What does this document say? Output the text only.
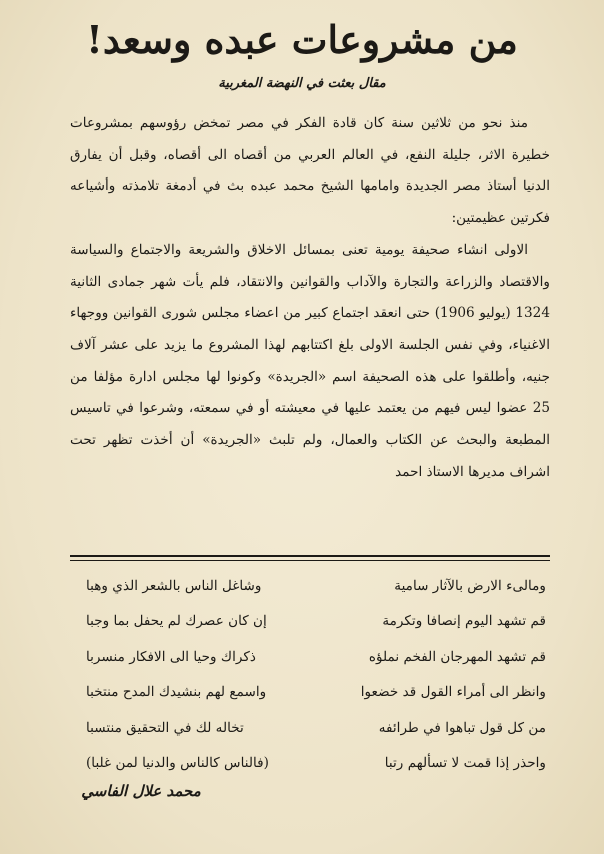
من مشروعات عبده وسعد!
مقال بعثت في النهضة المغربية

منذ نحو من ثلاثين سنة كان قادة الفكر في مصر تمخض رؤوسهم بمشروعات خطيرة الاثر، جليلة النفع، في العالم العربي من أقصاه الى أقصاه، وقبل أن يفارق الدنيا أستاذ مصر الجديدة وامامها الشيخ محمد عبده بث في أدمغة تلامذته وأشياعه فكرتين عظيمتين:

الاولى انشاء صحيفة يومية تعنى بمسائل الاخلاق والشريعة والاجتماع والسياسة والاقتصاد والزراعة والتجارة والآداب والقوانين والانتقاد، فلم يأت شهر جمادى الثانية 1324 (يوليو 1906) حتى انعقد اجتماع كبير من اعضاء مجلس شورى القوانين ووجهاء الاغنياء، وفي نفس الجلسة الاولى بلغ اكتتابهم لهذا المشروع ما يزيد على عشر آلاف جنيه، وأطلقوا على هذه الصحيفة اسم «الجريدة» وكونوا لها مجلس ادارة مؤلفا من 25 عضوا ليس فيهم من يعتمد عليها في معيشته أو في سمعته، وشرعوا في تاسيس المطبعة والبحث عن الكتاب والعمال، ولم تلبث «الجريدة» أن أخذت تظهر تحت اشراف مديرها الاستاذ احمد

ومالىء الارض بالآثار سامية
وشاغل الناس بالشعر الذي وهبا
قم تشهد اليوم إنصافا وتكرمة
إن كان عصرك لم يحفل بما وجبا
قم تشهد المهرجان الفخم نملؤه
ذكراك وحيا الى الافكار منسربا
وانظر الى أمراء القول قد خضعوا
واسمع لهم بنشيدك المدح منتخبا
من كل قول تباهوا في طرائفه
تخاله لك في التحقيق منتسبا
واحذر إذا قمت لا تسألهم رتبا
(فالناس كالناس والدنيا لمن غلبا)
محمد علال الفاسي
